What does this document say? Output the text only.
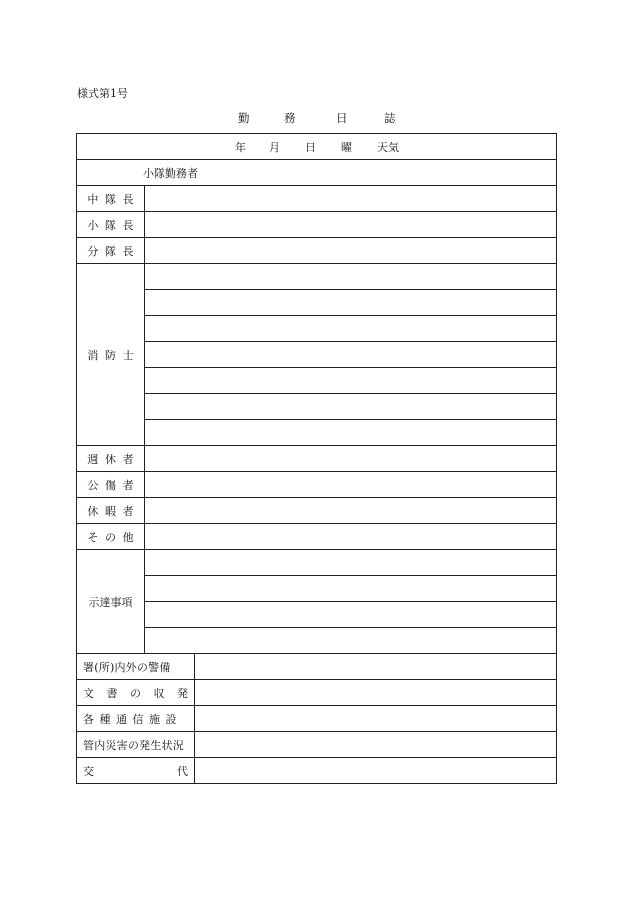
様式第1号
勤	務	日	誌
年 月 日 曜 天気		

小隊勤務者		
中隊長		
小隊長		
分隊長		
消防士		

週休者		
公傷者		
休暇者		
その他		
示達事項		

署(所)内外の警備		

文 書 の 収 発		

各種通信施設		
管内災害の発生状況		

交 代		
